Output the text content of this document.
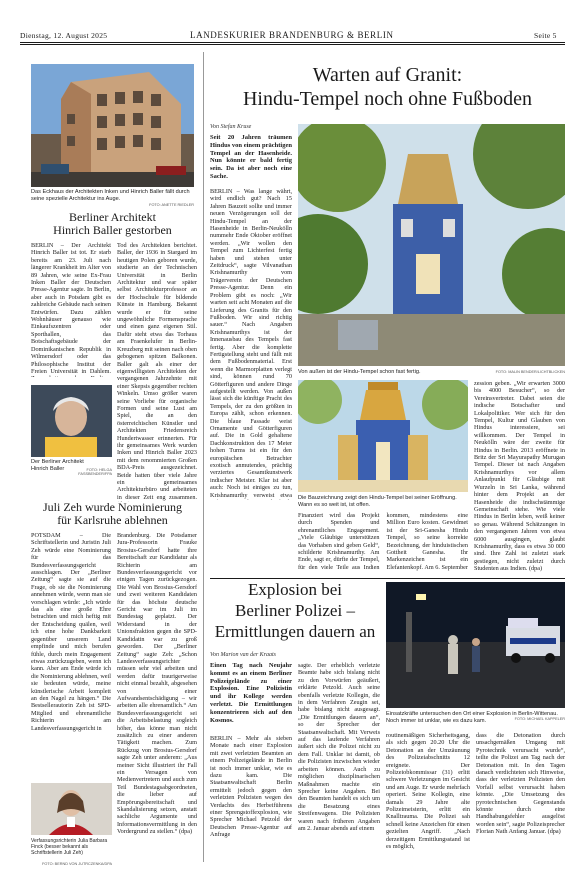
Dienstag, 12. August 2025	LANDESKURIER BRANDENBURG & BERLIN	Seite 5
Das Eckhaus der Architekten Inken und Hinrich Baller fällt durch seine spezielle Architektur ins Auge.
FOTO: ANETTE RIEDLER
Berliner Architekt
Hinrich Baller gestorben
BERLIN – Der Architekt Hinrich Baller ist tot. Er starb bereits am 23. Juli nach längerer Krankheit im Alter von 89 Jahren, wie seine Ex-Frau Inken Baller der Deutschen Presse-Agentur sagte. In Berlin, aber auch in Potsdam gibt es zahlreiche Gebäude nach seinen Entwürfen. Dazu zählen Wohnhäuser genauso wie Einkaufszentren oder Sporthallen, das Botschaftsgebäude der Dominikanischen Republik in Wilmersdorf oder das Philosophische Institut der Freien Universität in Dahlem.
Tod des Architekten berichtet. Baller, der 1936 in Stargard im heutigen Polen geboren wurde, studierte an der Technischen Universität in Berlin Architektur und war später selbst Architekturprofessor an der Hochschule für bildende Künste in Hamburg. Bekannt wurde er für seine ungewöhnliche Formensprache und einen ganz eigenen Stil. Dafür steht etwa das Torhaus am Fraenkelufer in Berlin-Kreuzberg mit seinen nach oben gebogenen spitzen Balkonen. Baller galt als einer der eigenwilligsten Architekten der vergangenen Jahrzehnte mit einer Skepsis gegenüber rechten Winkeln. Umso größer waren seine Vorliebe für organische Formen und seine Lust am Spiel, die an den österreichischen Künstler und Architekten Friedensreich Hundertwasser erinnerten. Für ihr gemeinsames Werk wurden Inken und Hinrich Baller 2023 mit dem renommierten Großen BDA-Preis ausgezeichnet. Beide hatten über viele Jahre ein gemeinsames Architekturbüro und arbeiteten in dieser Zeit eng zusammen.
Der Berliner Architekt Hinrich Baller	FOTO: HELGA FASSBENDER/FPA
Juli Zeh wurde Nominierung
für Karlsruhe ablehnen
POTSDAM – Die Schriftstellerin und Juristin Juli Zeh würde eine Nominierung für das Bundesverfassungsgericht ausschlagen. Der „Berliner Zeitung“ sagte sie auf die Frage, ob sie die Nominierung annehmen würde, wenn man sie vorschlagen würde: „Ich würde das als eine große Ehre betrachten und mich heftig mit der Entscheidung quälen, weil ich eine hohe Dankbarkeit gegenüber unserem Land empfinde und mich berufen fühle, durch mein Engagement etwas zurückzugeben, wenn ich kann. Aber am Ende würde ich die Nominierung ablehnen, weil sie bedeuten würde, meine künstlerische Arbeit komplett an den Nagel zu hängen.“ Die Bestsellerautorin Zeh ist SPD-Mitglied und ehrenamtliche Richterin am Landesverfassungsgericht in
Brandenburg. Die Potsdamer Jura-Professorin Frauke Brosius-Gersdorf hatte ihre Bereitschaft zur Kandidatur als Richterin am Bundesverfassungsgericht vor einigen Tagen zurückgezogen. Die Wahl von Brosius-Gersdorf und zwei weiteren Kandidaten für das höchste deutsche Gericht war im Juli im Bundestag geplatzt. Der Widerstand in der Unionsfraktion gegen die SPD-Kandidatin war zu groß geworden. Der „Berliner Zeitung“ sagte Zeh: „Schon Landesverfassungsrichter müssen sehr viel arbeiten und werden dafür traurigerweise nicht einmal bezahlt, abgesehen von einer Aufwandsentschädigung – wir arbeiten alle ehrenamtlich.“ Am Bundesverfassungsgericht sei die Arbeitsbelastung sogleich höher, das könne man nicht zusätzlich zu einer anderen Tätigkeit machen. Zum Rückzug von Brosius-Gersdorf sagte Zeh unter anderem: „Aus meiner Sicht illustriert ihr Fall ein Versagen von Medienvertretern und auch zum Teil Bundestagsabgeordneten, die lieber auf Empörungsbereitschaft und Skandalisierung setzen, anstatt sachliche Argumente und Informationsvermittlung in den Vordergrund zu stellen.“ (dpa)
Verfassungsrichterin Julia Barbara Finck (besser bekannt als Schriftstellerin Juli Zeh)
FOTO: BERND VON JUTRCZENKA/DPA
Warten auf Granit:
Hindu-Tempel noch ohne Fußboden
Von Stefan Kruse
Seit 20 Jahren träumen Hindus von einem prächtigen Tempel an der Hasenheide. Nun könnte er bald fertig sein. Da ist aber noch eine Sache.
BERLIN – Was lange währt, wird endlich gut? Nach 15 Jahren Bauzeit sollte und immer neuen Verzögerungen soll der Hindu-Tempel an der Hasenheide in Berlin-Neukölln nummehr Ende Oktober eröffnet werden. „Wir wollen den Tempel zum Lichterfest fertig haben und stehen unter Zeitdruck“, sagte Vilvanathan Krishnamurthy vom Trägerverein der Deutschen Presse-Agentur. Denn ein Problem gibt es noch: „Wir warten seit acht Monaten auf die Lieferung des Granits für den Fußboden. Wir sind richtig sauer.“ Nach Angaben Krishnamurthys ist der Innenausbau des Tempels fast fertig. Aber die komplette Fertigstellung steht und fällt mit dem Fußbodenmaterial. Erst wenn die Marmorplatten verlegt sind, können rund 70 Götterfiguren und andere Dinge aufgestellt werden. Von außen lässt sich die künftige Pracht des Tempels, der zu den größten in Europa zählt, schon erkennen. Die blaue Fassade weist Ornamente und Götterfiguren auf. Die in Gold gehaltene Dachkonstruktion des 17 Meter hohen Turms ist ein für den europäischen Betrachter exotisch anmutendes, prächtig verziertes Gesamtkunstwerk indischer Meister. Klar ist aber auch: Noch ist einiges zu tun, Krishnamurthy verweist etwa
Von außen ist der Hindu-Tempel schon fast fertig.	FOTO: MALIN BENDER/LICHTBLICKEN
Die Bauzeichnung zeigt den Hindu-Tempel bei seiner Eröffnung. Wann es so weit ist, ist offen.
Finanziert wird das Projekt durch Spenden und ehrenamtliches Engagement. „Viele Gläubige unterstützen das Vorhaben sind geben Geld“, schilderte Krishnamurthy. Am Ende, sagt er, dürfte der Tempel, für den viele Teile aus Indien kommen, mindestens eine Million Euro kosten. Gewidmet ist der Sri-Ganesha Hindu Tempel, so seine korrekte Bezeichnung, der hinduistischen Gottheit Ganesha. Ihr Markenzeichen ist ein Elefantenkopf. Am 6. September
zession geben. „Wir erwarten 3000 bis 4000 Besucher“, so der Vereinsvertreter. Dabei seien die indische Botschafter und Lokalpolitiker. Wer sich für den Tempel, Kultur und Glauben von Hindus interessiere, sei willkommen. Der Tempel in Neukölln wäre der zweite für Hindus in Berlin. 2013 eröffnete in Britz der Sri Mayurapathy Murugan Tempel. Dieser ist nach Angaben Krishnamurthys vor allem Anlaufpunkt für Gläubige mit Wurzeln in Sri Lanka, während hinter dem Projekt an der Hasenheide die indischstämmige Gemeinschaft stehe. Wie viele Hindus in Berlin leben, weiß keiner so genau. Während Schätzungen in den vergangenen Jahren von etwa 6000 ausgingen, glaubt Krishnamurthy, dass es etwa 30 000 sind. Ihre Zahl ist zuletzt stark gestiegen, nicht zuletzt durch Studenten aus Indien. (dpa)
Explosion bei
Berliner Polizei –
Ermittlungen dauern an
Von Marion van der Kraats
Einen Tag nach Neujahr kommt es an einem Berliner Polizeigelände zu einer Explosion. Eine Polizistin und ihr Kollege werden verletzt. Die Ermittlungen konzentrieren sich auf den Kosmos.
BERLIN – Mehr als sieben Monate nach einer Explosion mit zwei verletzten Beamten an einem Polizeigelände in Berlin ist noch immer unklar, wie es dazu kam. Die Staatsanwaltschaft Berlin ermittelt jedoch gegen den verletzten Polizisten wegen des Verdachts des Herbeiführens einer Sprengstoffexplosion, wie Sprecher Michael Petzold der Deutschen Presse-Agentur auf Anfrage
sagte. Der erheblich verletzte Beamte habe sich bislang nicht zu den Vorwürfen geäußert, erklärte Petzold. Auch seine ebenfalls verletzte Kollegin, die in dem Verfahren Zeugin sei, habe bislang nicht ausgesagt. „Die Ermittlungen dauern an“, so der Sprecher der Staatsanwaltschaft. Mit Verweis auf das laufende Verfahren äußert sich die Polizei nicht zu dem Fall. Unklar ist damit, ob die Polizisten inzwischen wieder arbeiten können. Auch zu möglichen disziplinarischen Maßnahmen machte ein Sprecher keine Angaben. Bei den Beamten handelt es sich um die Besatzung eines Streifenwagens. Die Polizisten waren nach früheren Angaben am 2. Januar abends auf einem
Einsatzkräfte untersuchen den Ort einer Explosion in Berlin-Wittenau. Noch immer ist unklar, wie es dazu kam.	FOTO: MICHAEL KAPPELER
routinemäßigen Sicherheitsgang, als sich gegen 20.20 Uhr die Detonation an der Umzäunung des Polizeiabschnitts 12 ereignete. Der Polizeiobkommissar (31) erlitt schwere Verletzungen im Gesicht und am Auge. Er wurde mehrfach operiert. Seine Kollegin, eine damals 29 Jahre alte Polizeimeisterin, erlitt ein Knalltrauma. Die Polizei sah schnell keine Anzeichen für einen gezielten Angriff. „Nach derzeitigem Ermittlungsstand ist es möglich,
dass die Detonation durch unsachgemäßen Umgang mit Pyrotechnik verursacht wurde“, teilte die Polizei am Tag nach der Detonation mit. In den Tagen danach verdichteten sich Hinweise, dass der verletzten Polizisten den Vorfall selbst verursacht haben könnte. „Die Umsetzung des pyrotechnischen Gegenstands könnte durch eine Handhabungsfehler ausgelöst worden sein“, sagte Polizeisprecher Florian Nath Anfang Januar. (dpa)
